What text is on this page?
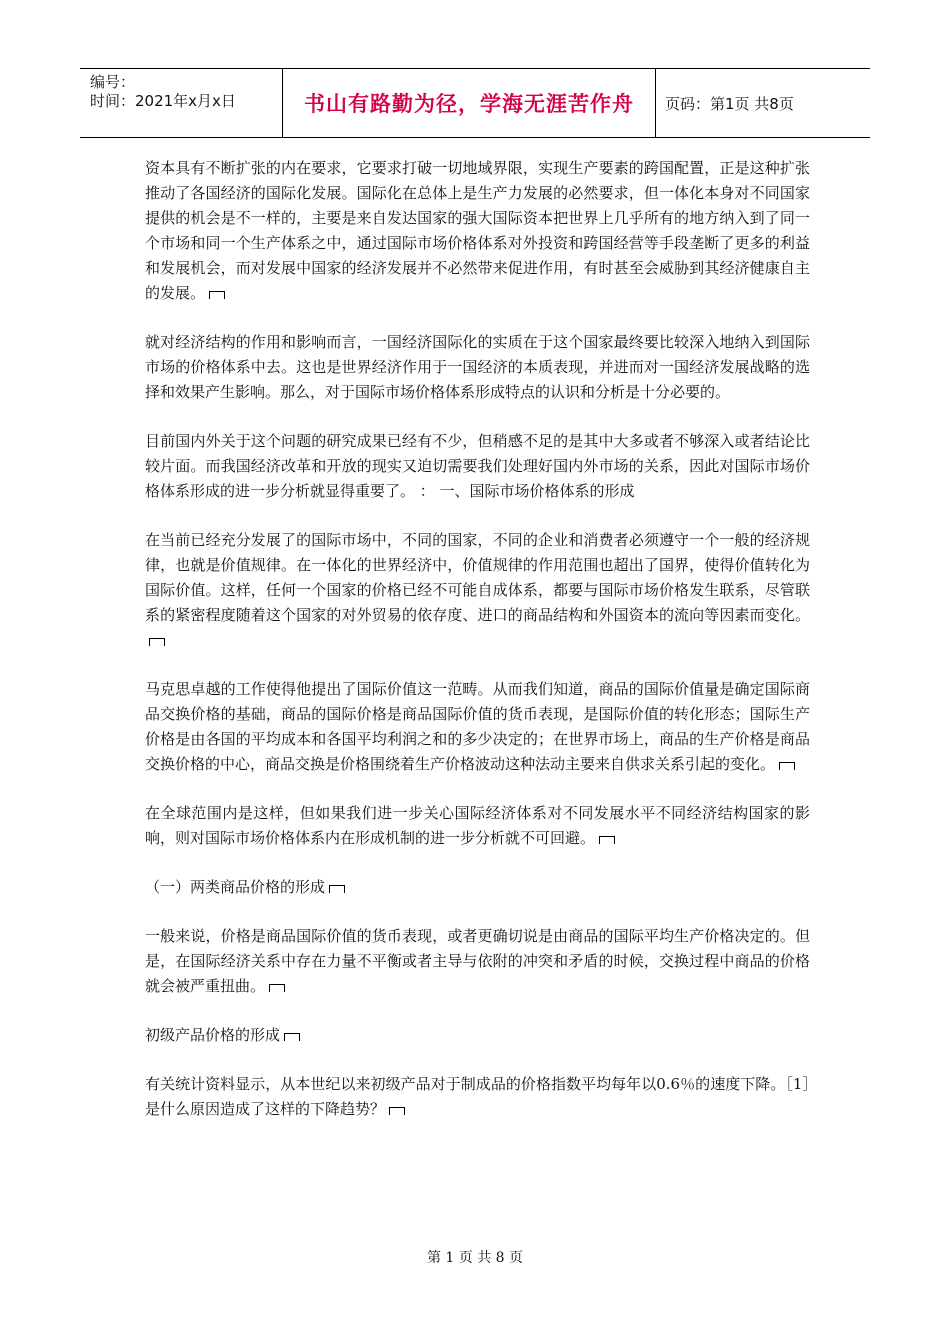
编号：
时间：2021年x月x日	书山有路勤为径，学海无涯苦作舟	页码：第1页 共8页

资本具有不断扩张的内在要求，它要求打破一切地域界限，实现生产要素的跨国配置，正是这种扩张推动了各国经济的国际化发展。国际化在总体上是生产力发展的必然要求，但一体化本身对不同国家提供的机会是不一样的，主要是来自发达国家的强大国际资本把世界上几乎所有的地方纳入到了同一个市场和同一个生产体系之中，通过国际市场价格体系对外投资和跨国经营等手段垄断了更多的利益和发展机会，而对发展中国家的经济发展并不必然带来促进作用，有时甚至会威胁到其经济健康自主的发展。

就对经济结构的作用和影响而言，一国经济国际化的实质在于这个国家最终要比较深入地纳入到国际市场的价格体系中去。这也是世界经济作用于一国经济的本质表现，并进而对一国经济发展战略的选择和效果产生影响。那么，对于国际市场价格体系形成特点的认识和分析是十分必要的。

目前国内外关于这个问题的研究成果已经有不少，但稍感不足的是其中大多或者不够深入或者结论比较片面。而我国经济改革和开放的现实又迫切需要我们处理好国内外市场的关系，因此对国际市场价格体系形成的进一步分析就显得重要了。 ： 一、国际市场价格体系的形成

在当前已经充分发展了的国际市场中，不同的国家，不同的企业和消费者必须遵守一个一般的经济规律，也就是价值规律。在一体化的世界经济中，价值规律的作用范围也超出了国界，使得价值转化为国际价值。这样，任何一个国家的价格已经不可能自成体系，都要与国际市场价格发生联系，尽管联系的紧密程度随着这个国家的对外贸易的依存度、进口的商品结构和外国资本的流向等因素而变化。

马克思卓越的工作使得他提出了国际价值这一范畴。从而我们知道，商品的国际价值量是确定国际商品交换价格的基础，商品的国际价格是商品国际价值的货币表现，是国际价值的转化形态；国际生产价格是由各国的平均成本和各国平均利润之和的多少决定的；在世界市场上，商品的生产价格是商品交换价格的中心，商品交换是价格围绕着生产价格波动这种法动主要来自供求关系引起的变化。

在全球范围内是这样，但如果我们进一步关心国际经济体系对不同发展水平不同经济结构国家的影响，则对国际市场价格体系内在形成机制的进一步分析就不可回避。

（一）两类商品价格的形成

一般来说，价格是商品国际价值的货币表现，或者更确切说是由商品的国际平均生产价格决定的。但是，在国际经济关系中存在力量不平衡或者主导与依附的冲突和矛盾的时候，交换过程中商品的价格就会被严重扭曲。

初级产品价格的形成

有关统计资料显示，从本世纪以来初级产品对于制成品的价格指数平均每年以0.6％的速度下降。［1］是什么原因造成了这样的下降趋势？

第 1 页 共 8 页
